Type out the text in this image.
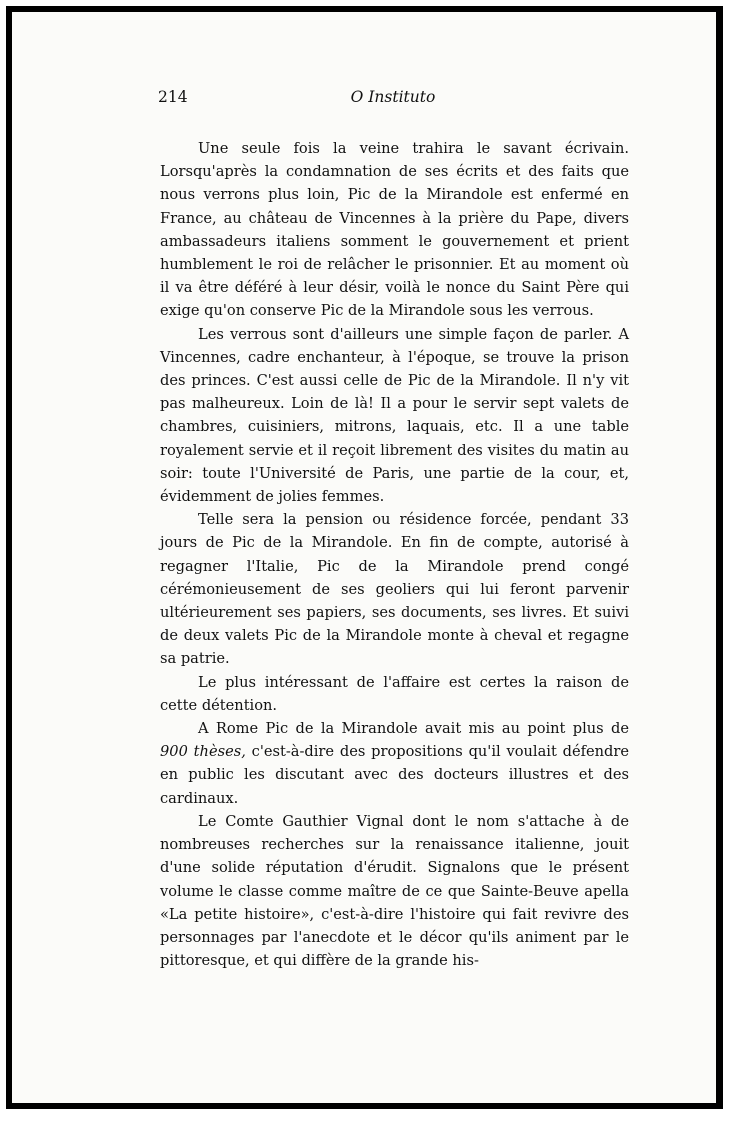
214	O Instituto

Une seule fois la veine trahira le savant écrivain. Lorsqu'après la condamnation de ses écrits et des faits que nous verrons plus loin, Pic de la Mirandole est enfermé en France, au château de Vincennes à la prière du Pape, divers ambassadeurs italiens somment le gouvernement et prient humblement le roi de relâcher le prisonnier. Et au moment où il va être déféré à leur désir, voilà le nonce du Saint Père qui exige qu'on conserve Pic de la Mirandole sous les verrous.

Les verrous sont d'ailleurs une simple façon de parler. A Vincennes, cadre enchanteur, à l'époque, se trouve la prison des princes. C'est aussi celle de Pic de la Mirandole. Il n'y vit pas malheureux. Loin de là! Il a pour le servir sept valets de chambres, cuisiniers, mitrons, laquais, etc. Il a une table royalement servie et il reçoit librement des visites du matin au soir: toute l'Université de Paris, une partie de la cour, et, évidemment de jolies femmes.

Telle sera la pension ou résidence forcée, pendant 33 jours de Pic de la Mirandole. En fin de compte, autorisé à regagner l'Italie, Pic de la Mirandole prend congé cérémonieusement de ses geoliers qui lui feront parvenir ultérieurement ses papiers, ses documents, ses livres. Et suivi de deux valets Pic de la Mirandole monte à cheval et regagne sa patrie.

Le plus intéressant de l'affaire est certes la raison de cette détention.

A Rome Pic de la Mirandole avait mis au point plus de 900 thèses, c'est-à-dire des propositions qu'il voulait défendre en public les discutant avec des docteurs illustres et des cardinaux.

Le Comte Gauthier Vignal dont le nom s'attache à de nombreuses recherches sur la renaissance italienne, jouit d'une solide réputation d'érudit. Signalons que le présent volume le classe comme maître de ce que Sainte-Beuve apella «La petite histoire», c'est-à-dire l'histoire qui fait revivre des personnages par l'anecdote et le décor qu'ils animent par le pittoresque, et qui diffère de la grande his-
